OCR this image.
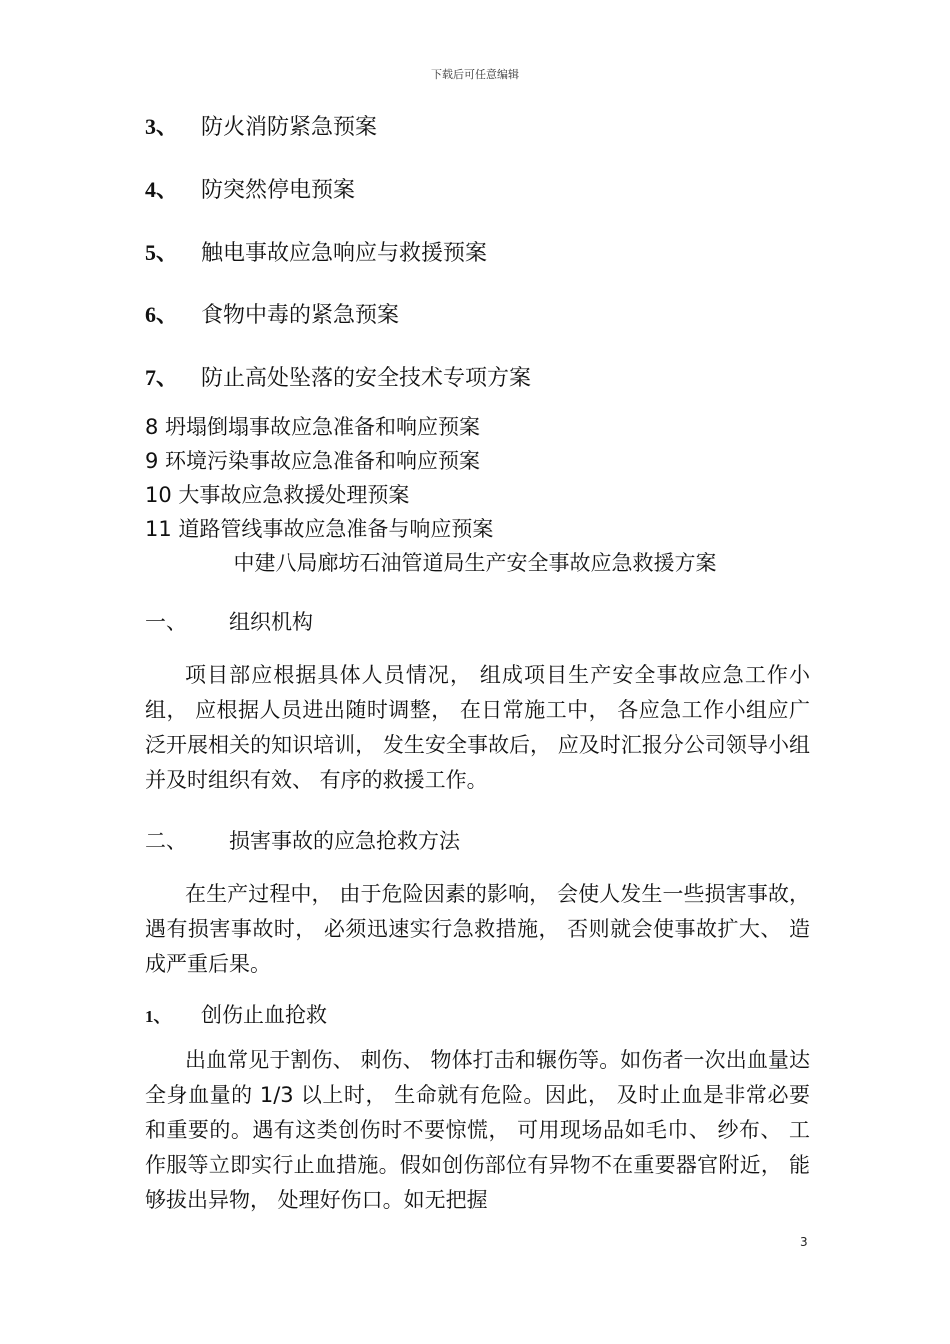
下载后可任意编辑
3、 防火消防紧急预案
4、 防突然停电预案
5、 触电事故应急响应与救援预案
6、 食物中毒的紧急预案
7、 防止高处坠落的安全技术专项方案
8 坍塌倒塌事故应急准备和响应预案
9 环境污染事故应急准备和响应预案
10 大事故应急救援处理预案
11 道路管线事故应急准备与响应预案
中建八局廊坊石油管道局生产安全事故应急救援方案
一、 组织机构
项目部应根据具体人员情况， 组成项目生产安全事故应急工作小组， 应根据人员进出随时调整， 在日常施工中， 各应急工作小组应广泛开展相关的知识培训， 发生安全事故后， 应及时汇报分公司领导小组并及时组织有效、 有序的救援工作。
二、 损害事故的应急抢救方法
在生产过程中， 由于危险因素的影响， 会使人发生一些损害事故， 遇有损害事故时， 必须迅速实行急救措施， 否则就会使事故扩大、 造成严重后果。
1、 创伤止血抢救
出血常见于割伤、 刺伤、 物体打击和辗伤等。如伤者一次出血量达全身血量的 1/3 以上时， 生命就有危险。因此， 及时止血是非常必要和重要的。遇有这类创伤时不要惊慌， 可用现场品如毛巾、 纱布、 工作服等立即实行止血措施。假如创伤部位有异物不在重要器官附近， 能够拔出异物， 处理好伤口。如无把握
3
